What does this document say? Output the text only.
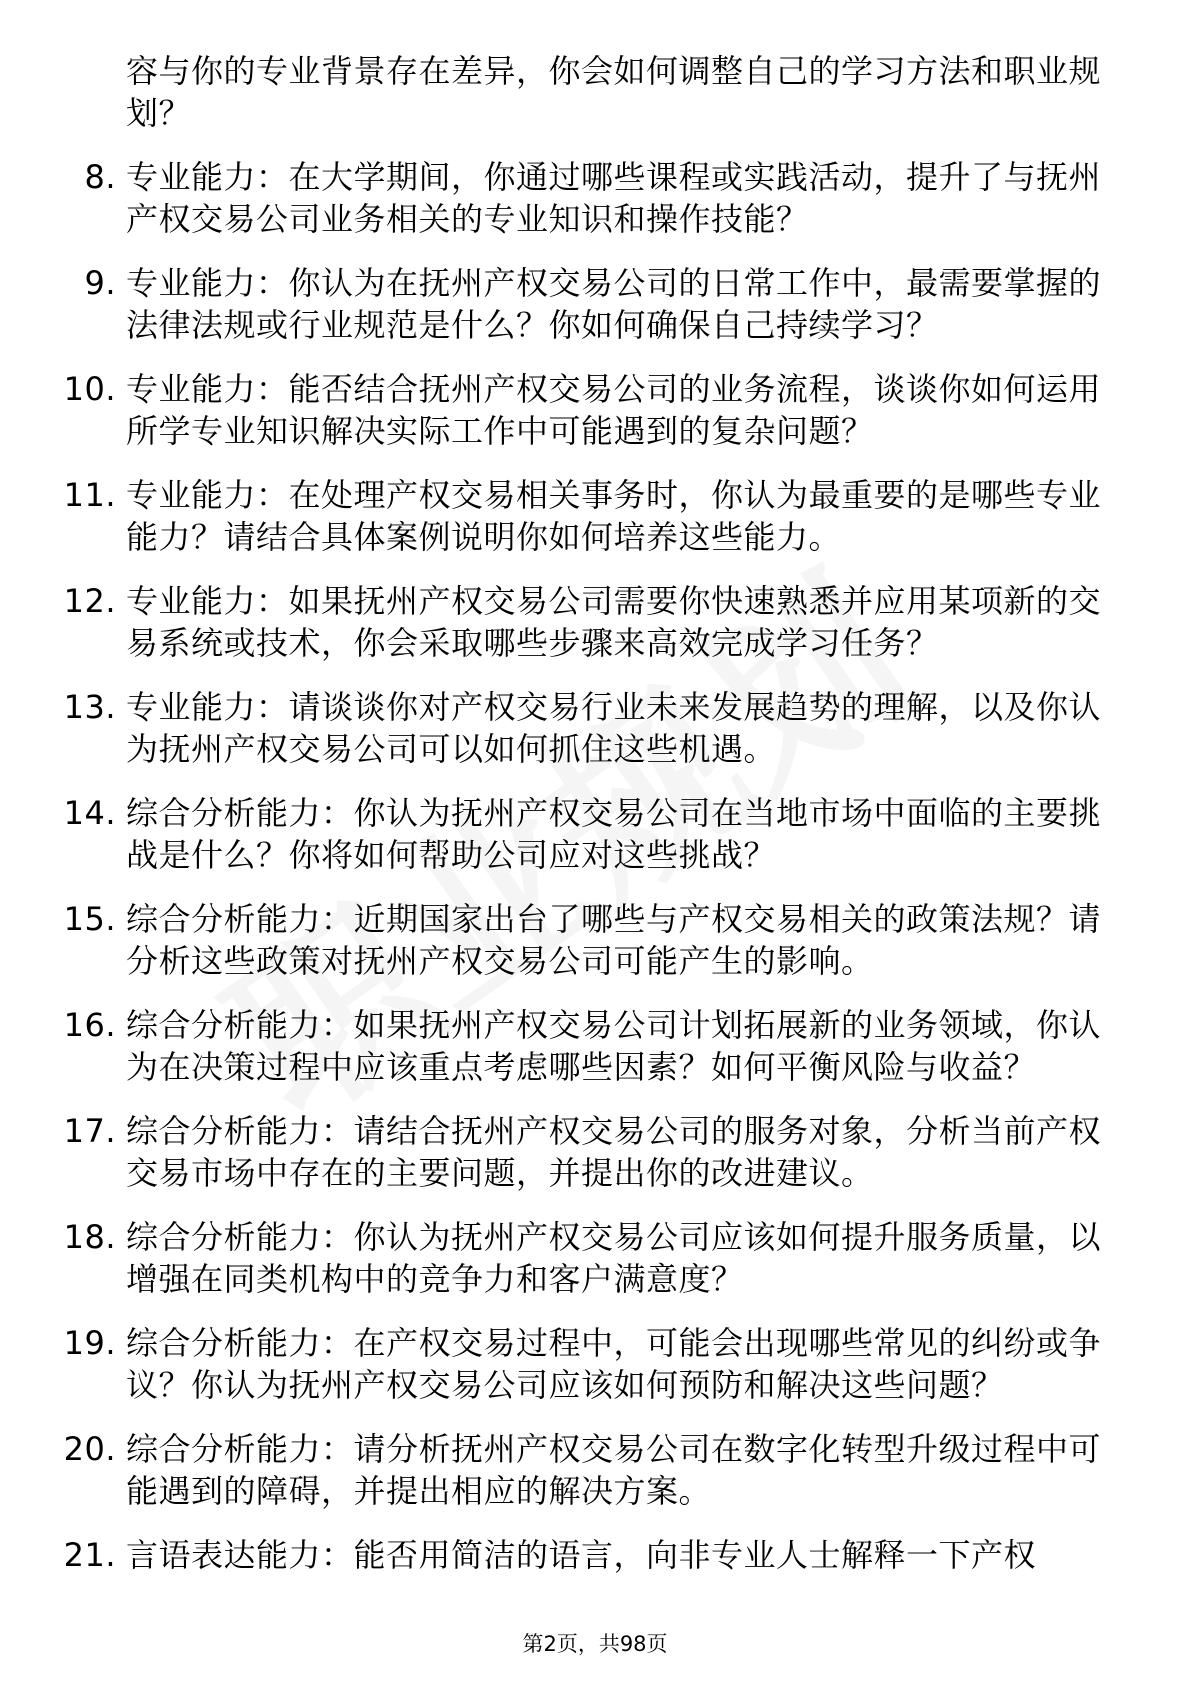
容与你的专业背景存在差异，你会如何调整自己的学习方法和职业规划？
8. 专业能力：在大学期间，你通过哪些课程或实践活动，提升了与抚州产权交易公司业务相关的专业知识和操作技能？
9. 专业能力：你认为在抚州产权交易公司的日常工作中，最需要掌握的法律法规或行业规范是什么？你如何确保自己持续学习？
10. 专业能力：能否结合抚州产权交易公司的业务流程，谈谈你如何运用所学专业知识解决实际工作中可能遇到的复杂问题？
11. 专业能力：在处理产权交易相关事务时，你认为最重要的是哪些专业能力？请结合具体案例说明你如何培养这些能力。
12. 专业能力：如果抚州产权交易公司需要你快速熟悉并应用某项新的交易系统或技术，你会采取哪些步骤来高效完成学习任务？
13. 专业能力：请谈谈你对产权交易行业未来发展趋势的理解，以及你认为抚州产权交易公司可以如何抓住这些机遇。
14. 综合分析能力：你认为抚州产权交易公司在当地市场中面临的主要挑战是什么？你将如何帮助公司应对这些挑战？
15. 综合分析能力：近期国家出台了哪些与产权交易相关的政策法规？请分析这些政策对抚州产权交易公司可能产生的影响。
16. 综合分析能力：如果抚州产权交易公司计划拓展新的业务领域，你认为在决策过程中应该重点考虑哪些因素？如何平衡风险与收益？
17. 综合分析能力：请结合抚州产权交易公司的服务对象，分析当前产权交易市场中存在的主要问题，并提出你的改进建议。
18. 综合分析能力：你认为抚州产权交易公司应该如何提升服务质量，以增强在同类机构中的竞争力和客户满意度？
19. 综合分析能力：在产权交易过程中，可能会出现哪些常见的纠纷或争议？你认为抚州产权交易公司应该如何预防和解决这些问题？
20. 综合分析能力：请分析抚州产权交易公司在数字化转型升级过程中可能遇到的障碍，并提出相应的解决方案。
21. 言语表达能力：能否用简洁的语言，向非专业人士解释一下产权
第2页，共98页
